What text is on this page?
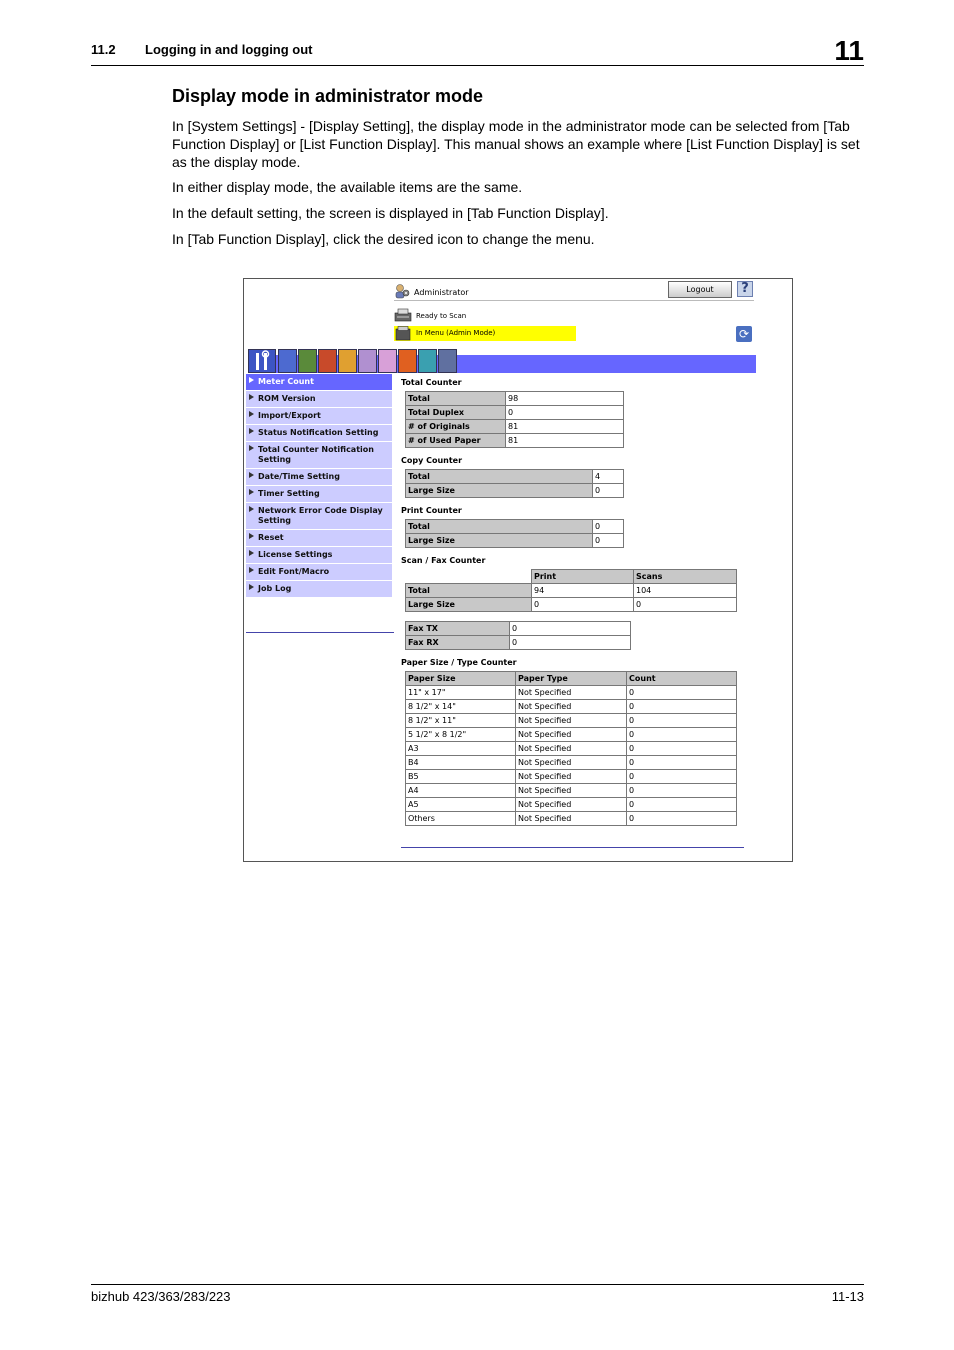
11.2 Logging in and logging out	11
Display mode in administrator mode

In [System Settings] - [Display Setting], the display mode in the administrator mode can be selected from [Tab Function Display] or [List Function Display]. This manual shows an example where [List Function Display] is set as the display mode.

In either display mode, the available items are the same.

In the default setting, the screen is displayed in [Tab Function Display].

In [Tab Function Display], click the desired icon to change the menu.

Administrator	Logout	?
Ready to Scan
In Menu (Admin Mode)	⟳
Meter Count
ROM Version
Import/Export
Status Notification Setting
Total Counter Notification Setting
Date/Time Setting
Timer Setting
Network Error Code Display Setting
Reset
License Settings
Edit Font/Macro
Job Log
Total Counter
Total	98
Total Duplex	0
# of Originals	81
# of Used Paper	81
Copy Counter
Total	4
Large Size	0
Print Counter
Total	0
Large Size	0
Scan / Fax Counter
	Print	Scans
Total	94	104
Large Size	0	0
Fax TX	0
Fax RX	0
Paper Size / Type Counter
Paper Size	Paper Type	Count
11" x 17"	Not Specified	0
8 1/2" x 14"	Not Specified	0
8 1/2" x 11"	Not Specified	0
5 1/2" x 8 1/2"	Not Specified	0
A3	Not Specified	0
B4	Not Specified	0
B5	Not Specified	0
A4	Not Specified	0
A5	Not Specified	0
Others	Not Specified	0
bizhub 423/363/283/223	11-13
